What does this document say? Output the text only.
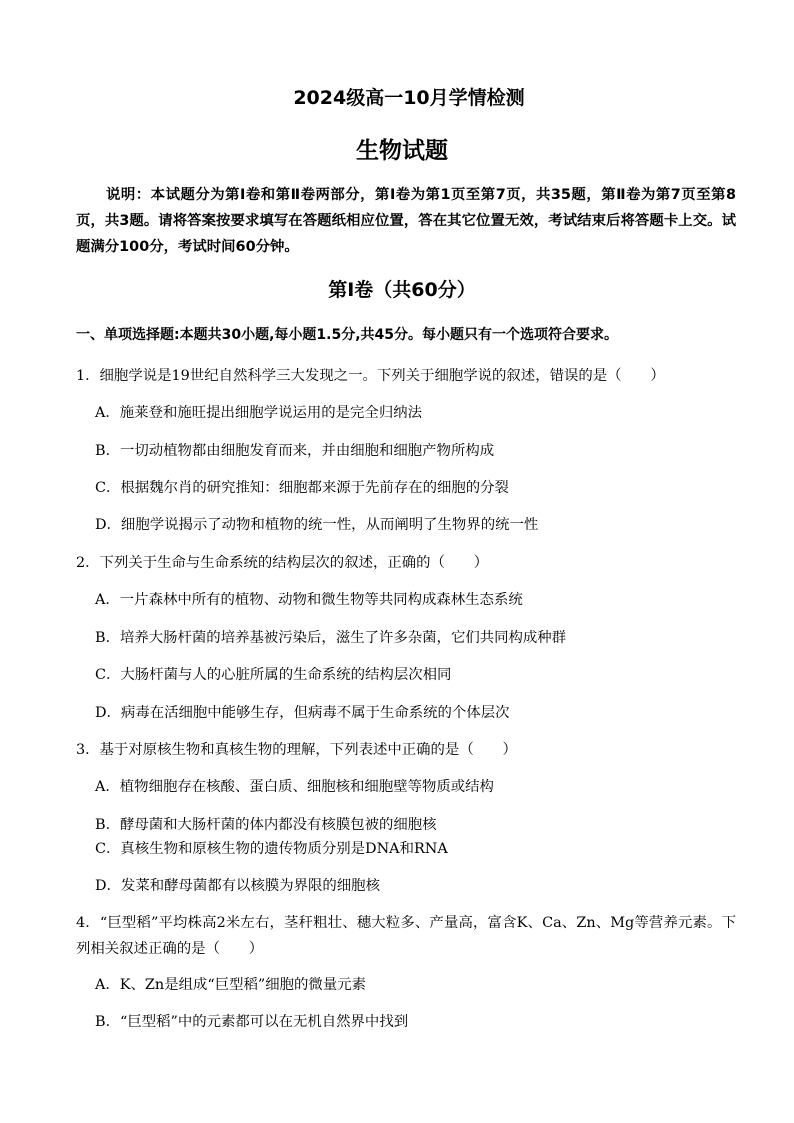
2024级高一10月学情检测
生物试题
说明：本试题分为第Ⅰ卷和第Ⅱ卷两部分，第Ⅰ卷为第1页至第7页，共35题，第Ⅱ卷为第7页至第8页，共3题。请将答案按要求填写在答题纸相应位置，答在其它位置无效，考试结束后将答题卡上交。试题满分100分，考试时间60分钟。
第Ⅰ卷（共60分）
一、单项选择题:本题共30小题,每小题1.5分,共45分。每小题只有一个选项符合要求。
1．细胞学说是19世纪自然科学三大发现之一。下列关于细胞学说的叙述，错误的是（　　）
A．施莱登和施旺提出细胞学说运用的是完全归纳法
B．一切动植物都由细胞发育而来，并由细胞和细胞产物所构成
C．根据魏尔肖的研究推知：细胞都来源于先前存在的细胞的分裂
D．细胞学说揭示了动物和植物的统一性，从而阐明了生物界的统一性
2．下列关于生命与生命系统的结构层次的叙述，正确的（　　）
A．一片森林中所有的植物、动物和微生物等共同构成森林生态系统
B．培养大肠杆菌的培养基被污染后，滋生了许多杂菌，它们共同构成种群
C．大肠杆菌与人的心脏所属的生命系统的结构层次相同
D．病毒在活细胞中能够生存，但病毒不属于生命系统的个体层次
3．基于对原核生物和真核生物的理解，下列表述中正确的是（　　）
A．植物细胞存在核酸、蛋白质、细胞核和细胞壁等物质或结构
B．酵母菌和大肠杆菌的体内都没有核膜包被的细胞核
C．真核生物和原核生物的遗传物质分别是DNA和RNA
D．发菜和酵母菌都有以核膜为界限的细胞核
4．“巨型稻”平均株高2米左右，茎秆粗壮、穗大粒多、产量高，富含K、Ca、Zn、Mg等营养元素。下列相关叙述正确的是（　　）
A．K、Zn是组成“巨型稻”细胞的微量元素
B．“巨型稻”中的元素都可以在无机自然界中找到
